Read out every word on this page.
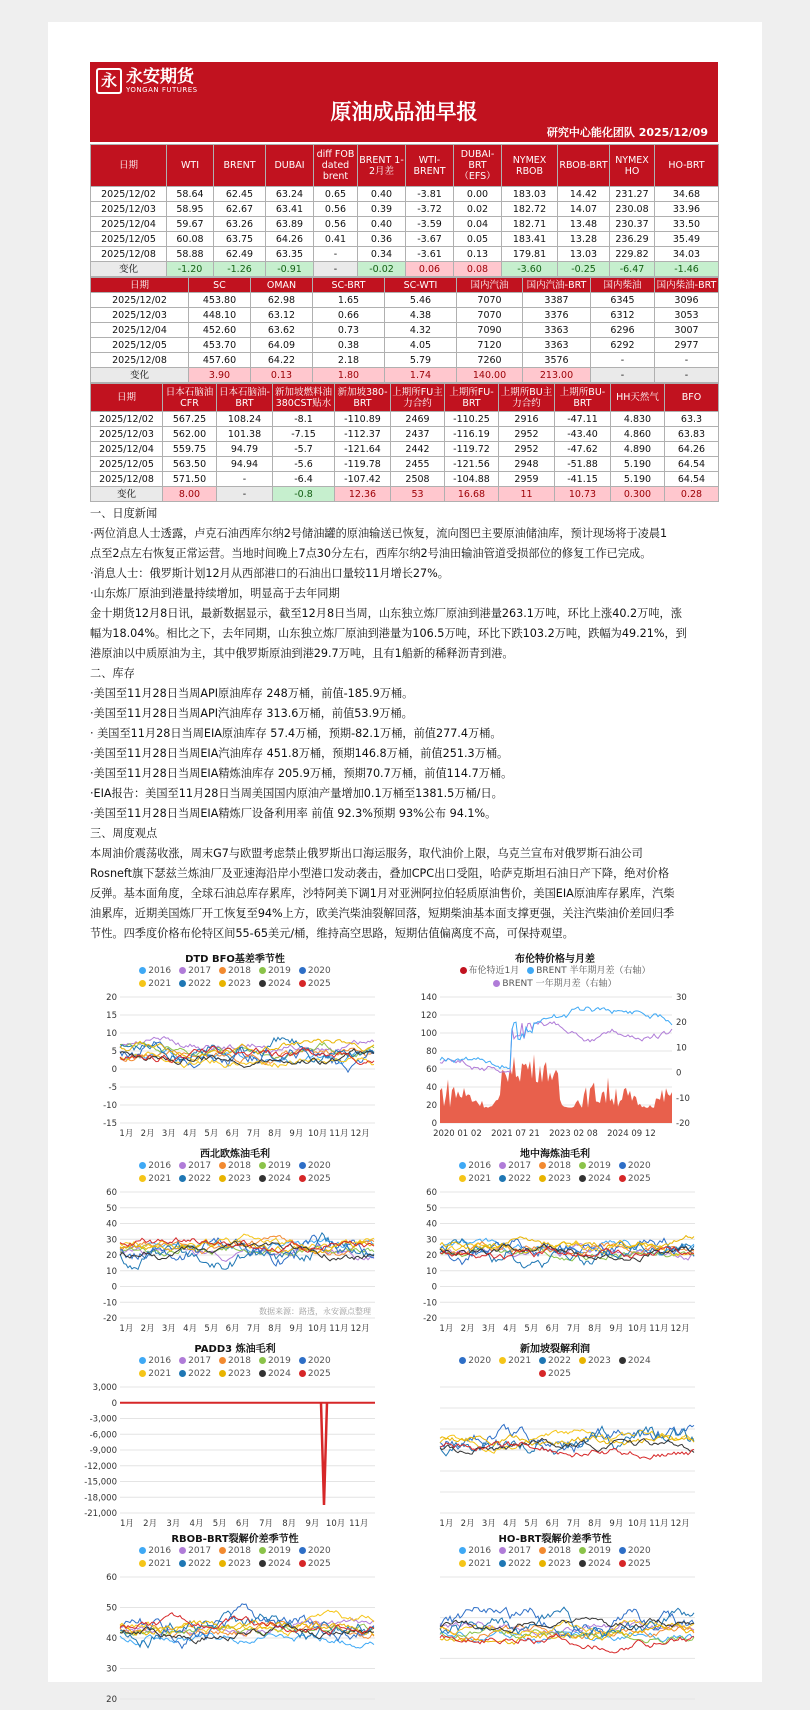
永 永安期货
YONGAN FUTURES
原油成品油早报
研究中心能化团队 2025/12/09
日期	WTI	BRENT	DUBAI	diff FOB dated brent	BRENT 1-2月差	WTI-BRENT	DUBAI-BRT（EFS）	NYMEX RBOB	RBOB-BRT	NYMEX HO	HO-BRT
2025/12/02	58.64	62.45	63.24	0.65	0.40	-3.81	0.00	183.03	14.42	231.27	34.68
2025/12/03	58.95	62.67	63.41	0.56	0.39	-3.72	0.02	182.72	14.07	230.08	33.96
2025/12/04	59.67	63.26	63.89	0.56	0.40	-3.59	0.04	182.71	13.48	230.37	33.50
2025/12/05	60.08	63.75	64.26	0.41	0.36	-3.67	0.05	183.41	13.28	236.29	35.49
2025/12/08	58.88	62.49	63.35	-	0.34	-3.61	0.13	179.81	13.03	229.82	34.03
变化	-1.20	-1.26	-0.91	-	-0.02	0.06	0.08	-3.60	-0.25	-6.47	-1.46
日期	SC	OMAN	SC-BRT	SC-WTI	国内汽油	国内汽油-BRT	国内柴油	国内柴油-BRT
2025/12/02	453.80	62.98	1.65	5.46	7070	3387	6345	3096
2025/12/03	448.10	63.12	0.66	4.38	7070	3376	6312	3053
2025/12/04	452.60	63.62	0.73	4.32	7090	3363	6296	3007
2025/12/05	453.70	64.09	0.38	4.05	7120	3363	6292	2977
2025/12/08	457.60	64.22	2.18	5.79	7260	3576	-	-
变化	3.90	0.13	1.80	1.74	140.00	213.00	-	-
日期	日本石脑油CFR	日本石脑油-BRT	新加坡燃料油380CST贴水	新加坡380-BRT	上期所FU主力合约	上期所FU-BRT	上期所BU主力合约	上期所BU-BRT	HH天然气	BFO
2025/12/02	567.25	108.24	-8.1	-110.89	2469	-110.25	2916	-47.11	4.830	63.3
2025/12/03	562.00	101.38	-7.15	-112.37	2437	-116.19	2952	-43.40	4.860	63.83
2025/12/04	559.75	94.79	-5.7	-121.64	2442	-119.72	2952	-47.62	4.890	64.26
2025/12/05	563.50	94.94	-5.6	-119.78	2455	-121.56	2948	-51.88	5.190	64.54
2025/12/08	571.50	-	-6.4	-107.42	2508	-104.88	2959	-41.15	5.190	64.54
变化	8.00	-	-0.8	12.36	53	16.68	11	10.73	0.300	0.28

一、日度新闻

·两位消息人士透露，卢克石油西库尔纳2号储油罐的原油输送已恢复，流向图巴主要原油储油库，预计现场将于凌晨1

点至2点左右恢复正常运营。当地时间晚上7点30分左右，西库尔纳2号油田输油管道受损部位的修复工作已完成。

·消息人士：俄罗斯计划12月从西部港口的石油出口量较11月增长27%。

·山东炼厂原油到港量持续增加，明显高于去年同期

金十期货12月8日讯，最新数据显示，截至12月8日当周，山东独立炼厂原油到港量263.1万吨，环比上涨40.2万吨，涨

幅为18.04%。相比之下，去年同期，山东独立炼厂原油到港量为106.5万吨，环比下跌103.2万吨，跌幅为49.21%，到

港原油以中质原油为主，其中俄罗斯原油到港29.7万吨，且有1船新的稀释沥青到港。

二、库存

·美国至11月28日当周API原油库存 248万桶，前值-185.9万桶。

·美国至11月28日当周API汽油库存 313.6万桶，前值53.9万桶。

· 美国至11月28日当周EIA原油库存 57.4万桶，预期-82.1万桶，前值277.4万桶。

·美国至11月28日当周EIA汽油库存 451.8万桶，预期146.8万桶，前值251.3万桶。

·美国至11月28日当周EIA精炼油库存 205.9万桶，预期70.7万桶，前值114.7万桶。

·EIA报告：美国至11月28日当周美国国内原油产量增加0.1万桶至1381.5万桶/日。

·美国至11月28日当周EIA精炼厂设备利用率 前值 92.3%预期 93%公布 94.1%。

三、周度观点

本周油价震荡收涨，周末G7与欧盟考虑禁止俄罗斯出口海运服务，取代油价上限，乌克兰宣布对俄罗斯石油公司

Rosneft旗下瑟兹兰炼油厂及亚速海沿岸小型港口发动袭击，叠加CPC出口受阻，哈萨克斯坦石油日产下降，绝对价格

反弹。基本面角度，全球石油总库存累库，沙特阿美下调1月对亚洲阿拉伯轻质原油售价，美国EIA原油库存累库，汽柴

油累库，近期美国炼厂开工恢复至94%上方，欧美汽柴油裂解回落，短期柴油基本面支撑更强，关注汽柴油价差回归季

节性。四季度价格布伦特区间55-65美元/桶，维持高空思路，短期估值偏离度不高，可保持观望。

DTD BFO基差季节性
2016 2017 2018 2019 2020
2021 2022 2023 2024 2025
20
15
10
5
0
-5
-10
-15
1月 2月 3月 4月 5月 6月 7月 8月 9月 10月 11月 12月
布伦特价格与月差
布伦特近1月 BRENT 半年期月差（右轴）BRENT 一年期月差（右轴）
140
120
100
80
60
40
20
0
30
20
10
0
-10
-20
2020 01 02 2021 07 21 2023 02 08 2024 09 12
西北欧炼油毛利
2016 2017 2018 2019 2020
2021 2022 2023 2024 2025
60
50
40
30
20
10
0
-10
-20
1月 2月 3月 4月 5月 6月 7月 8月 9月 10月 11月 12月
数据来源：路透，永安源点整理
地中海炼油毛利
2016 2017 2018 2019 2020
2021 2022 2023 2024 2025
60
50
40
30
20
10
0
-10
-20
1月 2月 3月 4月 5月 6月 7月 8月 9月 10月 11月 12月
PADD3 炼油毛利
2016 2017 2018 2019 2020
2021 2022 2023 2024 2025
3,000
0
-3,000
-6,000
-9,000
-12,000
-15,000
-18,000
-21,000
1月 2月 3月 4月 5月 6月 7月 8月 9月 10月 11月
新加坡裂解利润
2020 2021 2022 2023 2024
2025
1月 2月 3月 4月 5月 6月 7月 8月 9月 10月 11月 12月
RBOB-BRT裂解价差季节性
2016 2017 2018 2019 2020
2021 2022 2023 2024 2025
60
50
40
30
20
HO-BRT裂解价差季节性
2016 2017 2018 2019 2020
2021 2022 2023 2024 2025
